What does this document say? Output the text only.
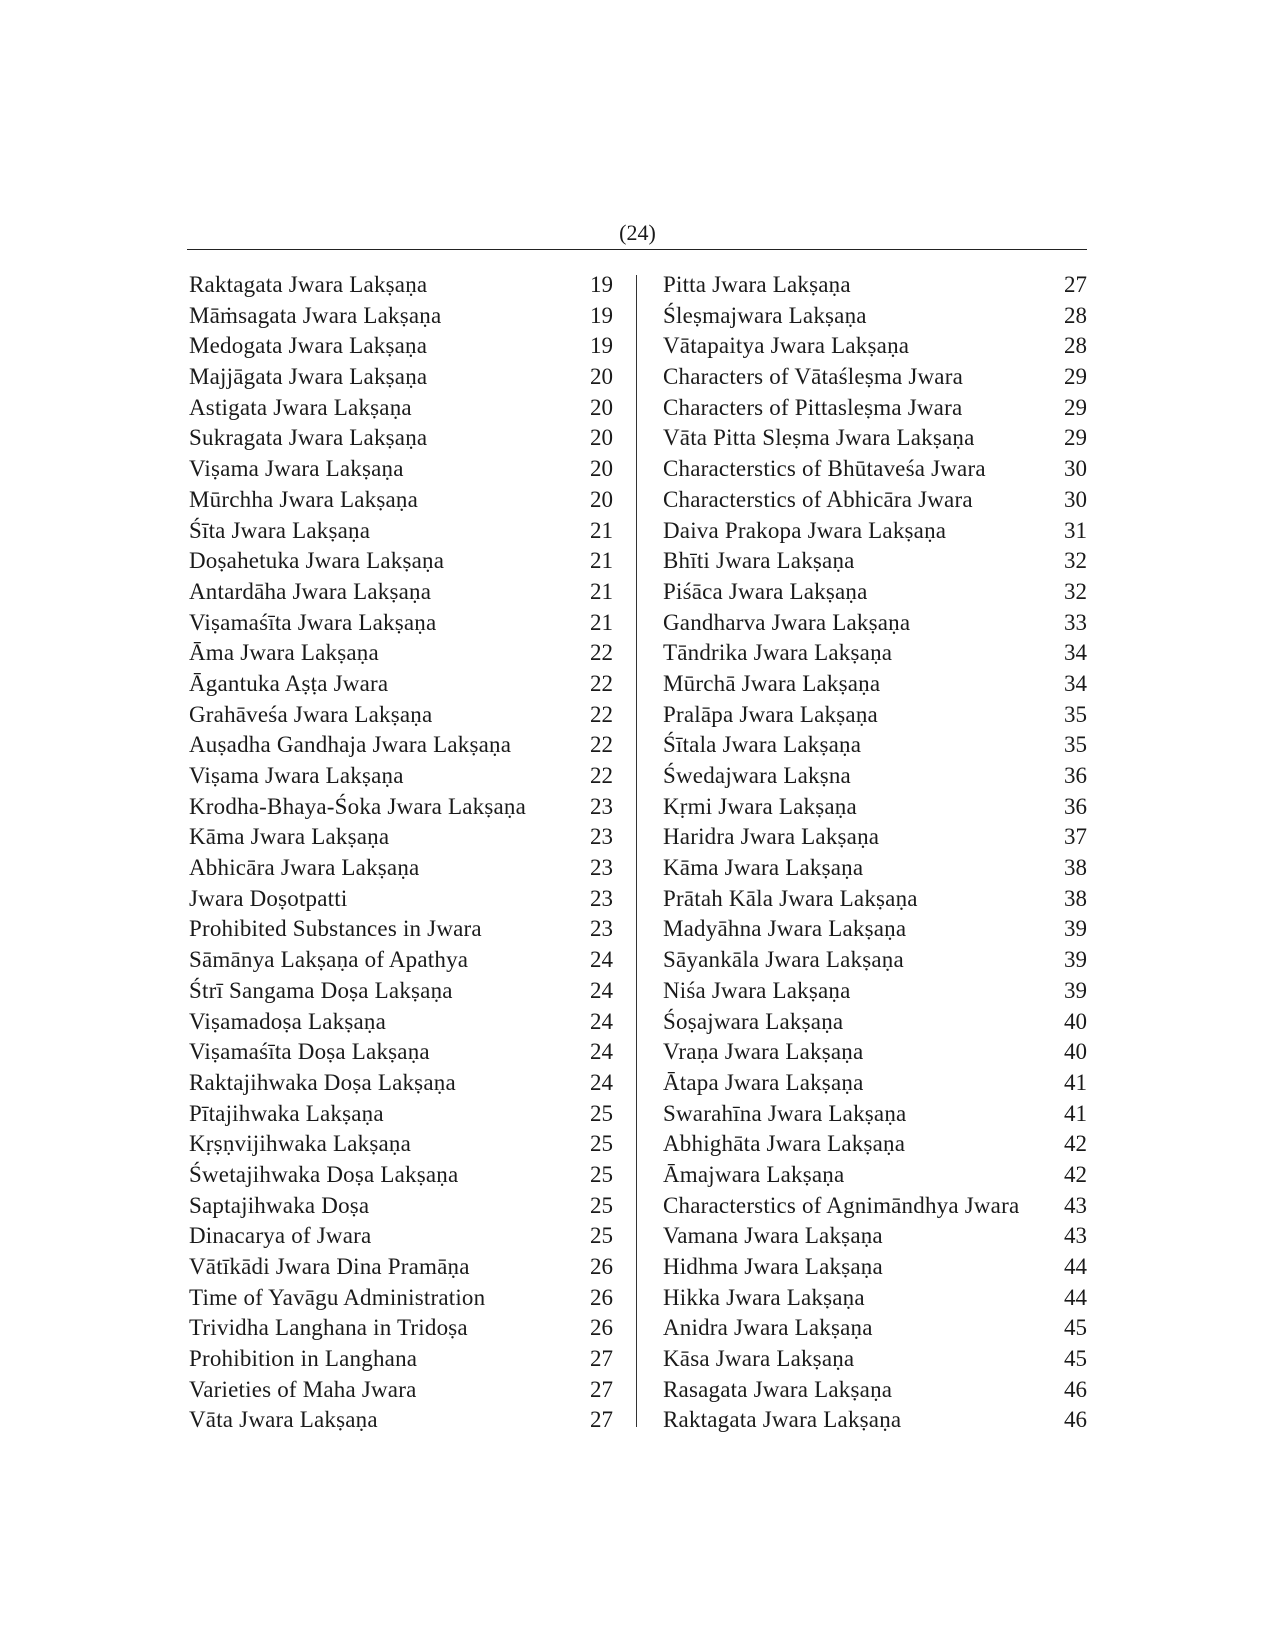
(24)
Raktagata Jwara Lakṣaṇa	19
Māṁsagata Jwara Lakṣaṇa	19
Medogata Jwara Lakṣaṇa	19
Majjāgata Jwara Lakṣaṇa	20
Astigata Jwara Lakṣaṇa	20
Sukragata Jwara Lakṣaṇa	20
Viṣama Jwara Lakṣaṇa	20
Mūrchha Jwara Lakṣaṇa	20
Śīta Jwara Lakṣaṇa	21
Doṣahetuka Jwara Lakṣaṇa	21
Antardāha Jwara Lakṣaṇa	21
Viṣamaśīta Jwara Lakṣaṇa	21
Āma Jwara Lakṣaṇa	22
Āgantuka Aṣṭa Jwara	22
Grahāveśa Jwara Lakṣaṇa	22
Auṣadha Gandhaja Jwara Lakṣaṇa	22
Viṣama Jwara Lakṣaṇa	22
Krodha-Bhaya-Śoka Jwara Lakṣaṇa	23
Kāma Jwara Lakṣaṇa	23
Abhicāra Jwara Lakṣaṇa	23
Jwara Doṣotpatti	23
Prohibited Substances in Jwara	23
Sāmānya Lakṣaṇa of Apathya	24
Śtrī Sangama Doṣa Lakṣaṇa	24
Viṣamadoṣa Lakṣaṇa	24
Viṣamaśīta Doṣa Lakṣaṇa	24
Raktajihwaka Doṣa Lakṣaṇa	24
Pītajihwaka Lakṣaṇa	25
Kṛṣṇvijihwaka Lakṣaṇa	25
Śwetajihwaka Doṣa Lakṣaṇa	25
Saptajihwaka Doṣa	25
Dinacarya of Jwara	25
Vātīkādi Jwara Dina Pramāṇa	26
Time of Yavāgu Administration	26
Trividha Langhana in Tridoṣa	26
Prohibition in Langhana	27
Varieties of Maha Jwara	27
Vāta Jwara Lakṣaṇa	27
Pitta Jwara Lakṣaṇa	27
Śleṣmajwara Lakṣaṇa	28
Vātapaitya Jwara Lakṣaṇa	28
Characters of Vātaśleṣma Jwara	29
Characters of Pittasleṣma Jwara	29
Vāta Pitta Sleṣma Jwara Lakṣaṇa	29
Characterstics of Bhūtaveśa Jwara	30
Characterstics of Abhicāra Jwara	30
Daiva Prakopa Jwara Lakṣaṇa	31
Bhīti Jwara Lakṣaṇa	32
Piśāca Jwara Lakṣaṇa	32
Gandharva Jwara Lakṣaṇa	33
Tāndrika Jwara Lakṣaṇa	34
Mūrchā Jwara Lakṣaṇa	34
Pralāpa Jwara Lakṣaṇa	35
Śītala Jwara Lakṣaṇa	35
Śwedajwara Lakṣna	36
Kṛmi Jwara Lakṣaṇa	36
Haridra Jwara Lakṣaṇa	37
Kāma Jwara Lakṣaṇa	38
Prātah Kāla Jwara Lakṣaṇa	38
Madyāhna Jwara Lakṣaṇa	39
Sāyankāla Jwara Lakṣaṇa	39
Niśa Jwara Lakṣaṇa	39
Śoṣajwara Lakṣaṇa	40
Vraṇa Jwara Lakṣaṇa	40
Ātapa Jwara Lakṣaṇa	41
Swarahīna Jwara Lakṣaṇa	41
Abhighāta Jwara Lakṣaṇa	42
Āmajwara Lakṣaṇa	42
Characterstics of Agnimāndhya Jwara 43
Vamana Jwara Lakṣaṇa	43
Hidhma Jwara Lakṣaṇa	44
Hikka Jwara Lakṣaṇa	44
Anidra Jwara Lakṣaṇa	45
Kāsa Jwara Lakṣaṇa	45
Rasagata Jwara Lakṣaṇa	46
Raktagata Jwara Lakṣaṇa	46
